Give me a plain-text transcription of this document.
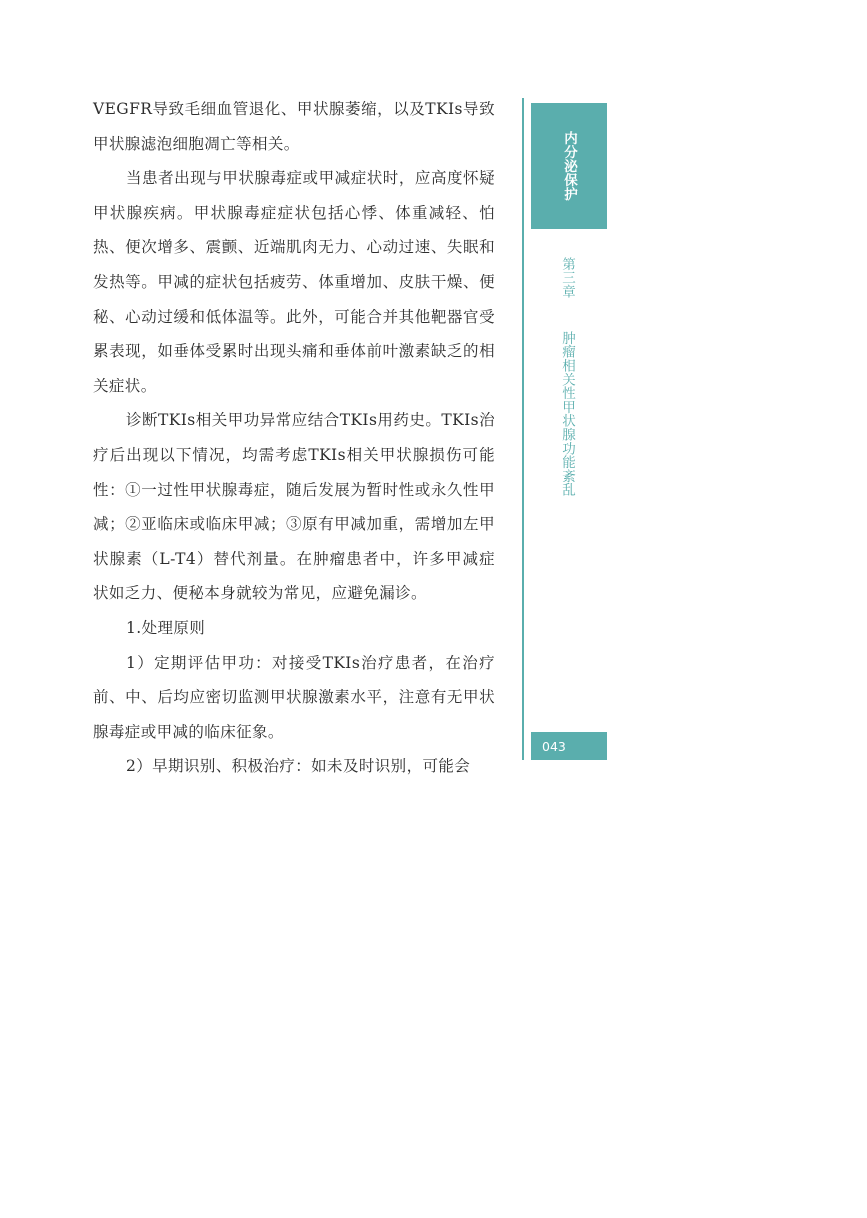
VEGFR导致毛细血管退化、甲状腺萎缩，以及TKIs导致甲状腺滤泡细胞凋亡等相关。

当患者出现与甲状腺毒症或甲减症状时，应高度怀疑甲状腺疾病。甲状腺毒症症状包括心悸、体重减轻、怕热、便次增多、震颤、近端肌肉无力、心动过速、失眠和发热等。甲减的症状包括疲劳、体重增加、皮肤干燥、便秘、心动过缓和低体温等。此外，可能合并其他靶器官受累表现，如垂体受累时出现头痛和垂体前叶激素缺乏的相关症状。

诊断TKIs相关甲功异常应结合TKIs用药史。TKIs治疗后出现以下情况，均需考虑TKIs相关甲状腺损伤可能性：①一过性甲状腺毒症，随后发展为暂时性或永久性甲减；②亚临床或临床甲减；③原有甲减加重，需增加左甲状腺素（L-T4）替代剂量。在肿瘤患者中，许多甲减症状如乏力、便秘本身就较为常见，应避免漏诊。

1.处理原则

1）定期评估甲功：对接受TKIs治疗患者，在治疗前、中、后均应密切监测甲状腺激素水平，注意有无甲状腺毒症或甲减的临床征象。

2）早期识别、积极治疗：如未及时识别，可能会

内分泌保护
第三章  肿瘤相关性甲状腺功能紊乱
043
